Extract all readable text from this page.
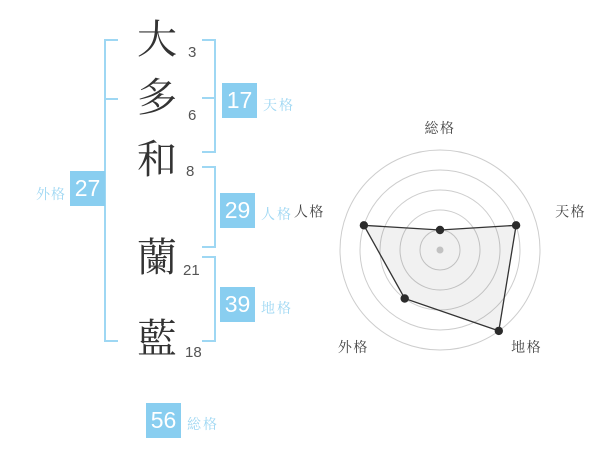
大
多
和
蘭
藍
3
6
8
21
18
17 天格
29 人格
39 地格
外格 27
56 総格
総格
天格
地格
外格
人格
